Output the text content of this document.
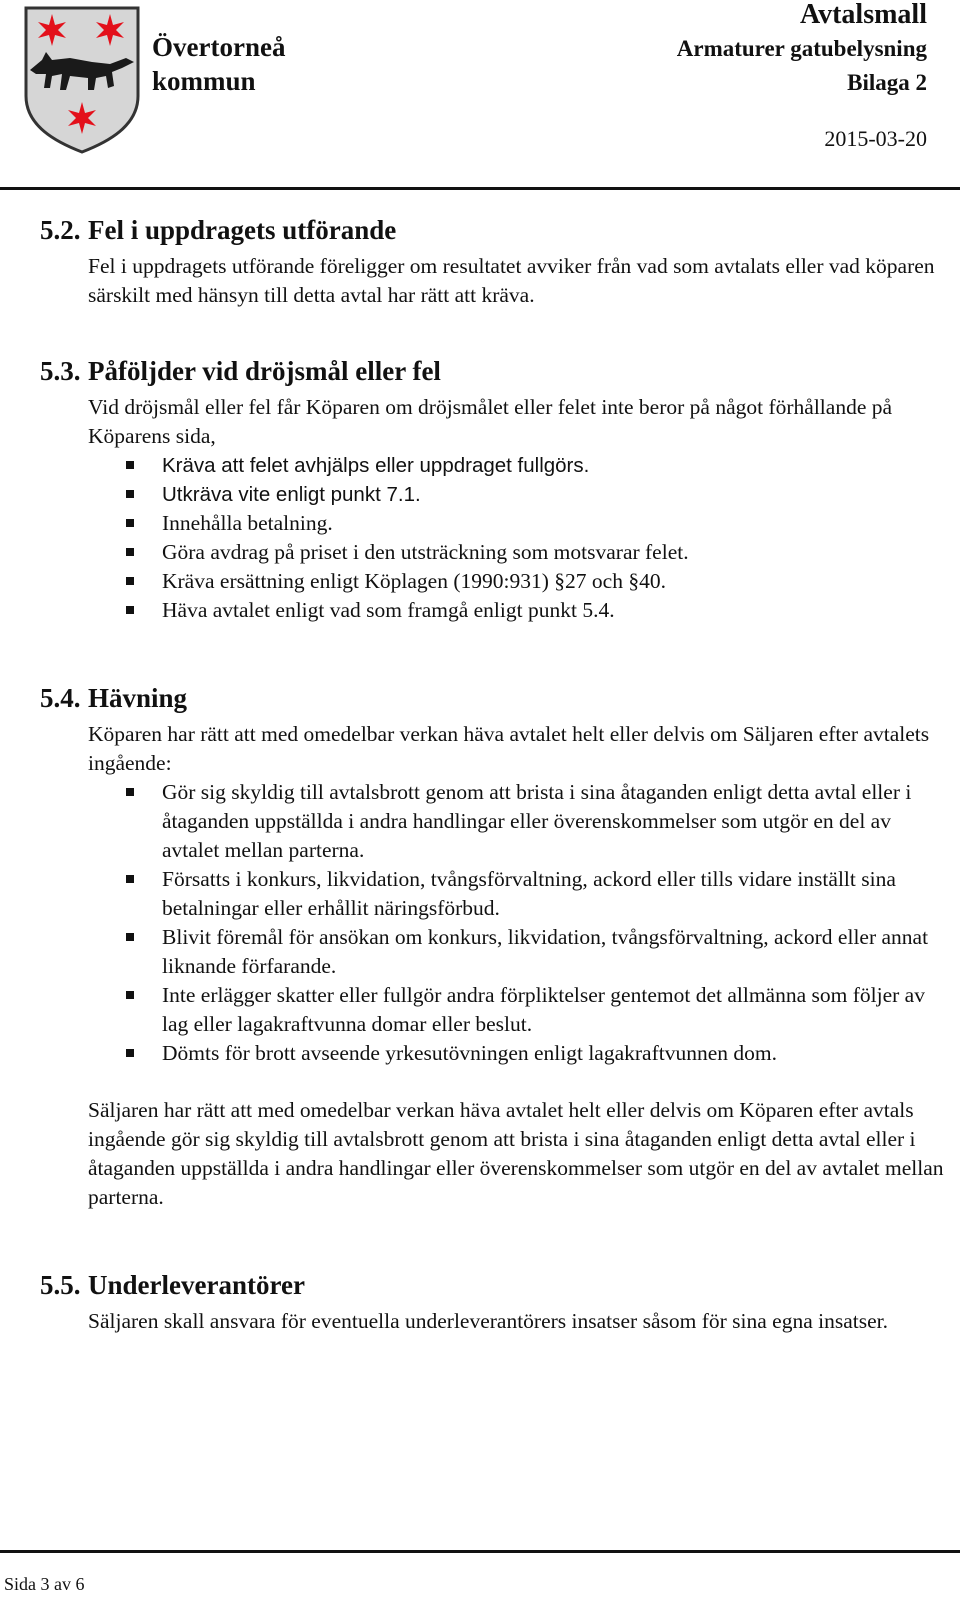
Övertorneå
kommun
Avtalsmall
Armaturer gatubelysning
Bilaga 2
2015-03-20
5.2. Fel i uppdragets utförande
Fel i uppdragets utförande föreligger om resultatet avviker från vad som avtalats eller vad köparen särskilt med hänsyn till detta avtal har rätt att kräva.
5.3. Påföljder vid dröjsmål eller fel
Vid dröjsmål eller fel får Köparen om dröjsmålet eller felet inte beror på något förhållande på Köparens sida,
Kräva att felet avhjälps eller uppdraget fullgörs.
Utkräva vite enligt punkt 7.1.
Innehålla betalning.
Göra avdrag på priset i den utsträckning som motsvarar felet.
Kräva ersättning enligt Köplagen (1990:931) §27 och §40.
Häva avtalet enligt vad som framgå enligt punkt 5.4.
5.4. Hävning
Köparen har rätt att med omedelbar verkan häva avtalet helt eller delvis om Säljaren efter avtalets ingående:
Gör sig skyldig till avtalsbrott genom att brista i sina åtaganden enligt detta avtal eller i åtaganden uppställda i andra handlingar eller överenskommelser som utgör en del av avtalet mellan parterna.
Försatts i konkurs, likvidation, tvångsförvaltning, ackord eller tills vidare inställt sina betalningar eller erhållit näringsförbud.
Blivit föremål för ansökan om konkurs, likvidation, tvångsförvaltning, ackord eller annat liknande förfarande.
Inte erlägger skatter eller fullgör andra förpliktelser gentemot det allmänna som följer av lag eller lagakraftvunna domar eller beslut.
Dömts för brott avseende yrkesutövningen enligt lagakraftvunnen dom.
Säljaren har rätt att med omedelbar verkan häva avtalet helt eller delvis om Köparen efter avtals ingående gör sig skyldig till avtalsbrott genom att brista i sina åtaganden enligt detta avtal eller i åtaganden uppställda i andra handlingar eller överenskommelser som utgör en del av avtalet mellan parterna.
5.5. Underleverantörer
Säljaren skall ansvara för eventuella underleverantörers insatser såsom för sina egna insatser.
Sida 3 av 6
